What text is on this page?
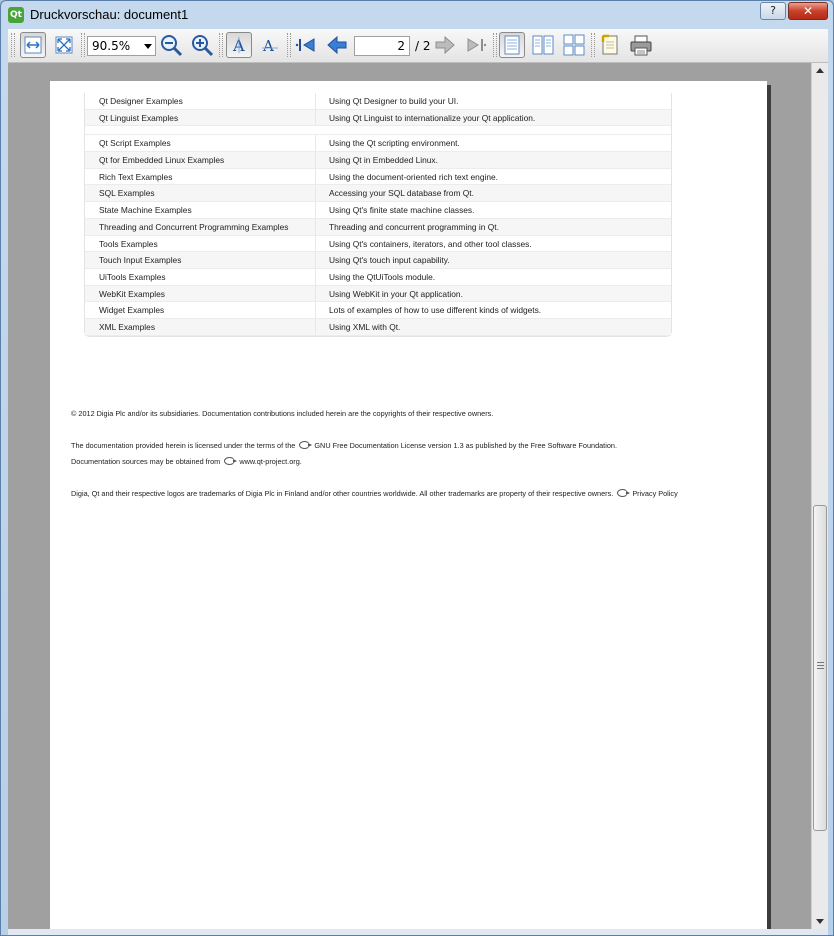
Qt Druckvorschau: document1	?	✕
90.5%	A A	2 / 2
Qt Designer Examples	Using Qt Designer to build your UI.
Qt Linguist Examples	Using Qt Linguist to internationalize your Qt application.
Qt Script Examples	Using the Qt scripting environment.
Qt for Embedded Linux Examples	Using Qt in Embedded Linux.
Rich Text Examples	Using the document-oriented rich text engine.
SQL Examples	Accessing your SQL database from Qt.
State Machine Examples	Using Qt's finite state machine classes.
Threading and Concurrent Programming Examples	Threading and concurrent programming in Qt.
Tools Examples	Using Qt's containers, iterators, and other tool classes.
Touch Input Examples	Using Qt's touch input capability.
UiTools Examples	Using the QtUiTools module.
WebKit Examples	Using WebKit in your Qt application.
Widget Examples	Lots of examples of how to use different kinds of widgets.
XML Examples	Using XML with Qt.
© 2012 Digia Plc and/or its subsidiaries. Documentation contributions included herein are the copyrights of their respective owners.
The documentation provided herein is licensed under the terms of the	GNU Free Documentation License version 1.3 as published by the Free Software Foundation.
Documentation sources may be obtained from	www.qt-project.org.
Digia, Qt and their respective logos are trademarks of Digia Plc in Finland and/or other countries worldwide. All other trademarks are property of their respective owners.	Privacy Policy
